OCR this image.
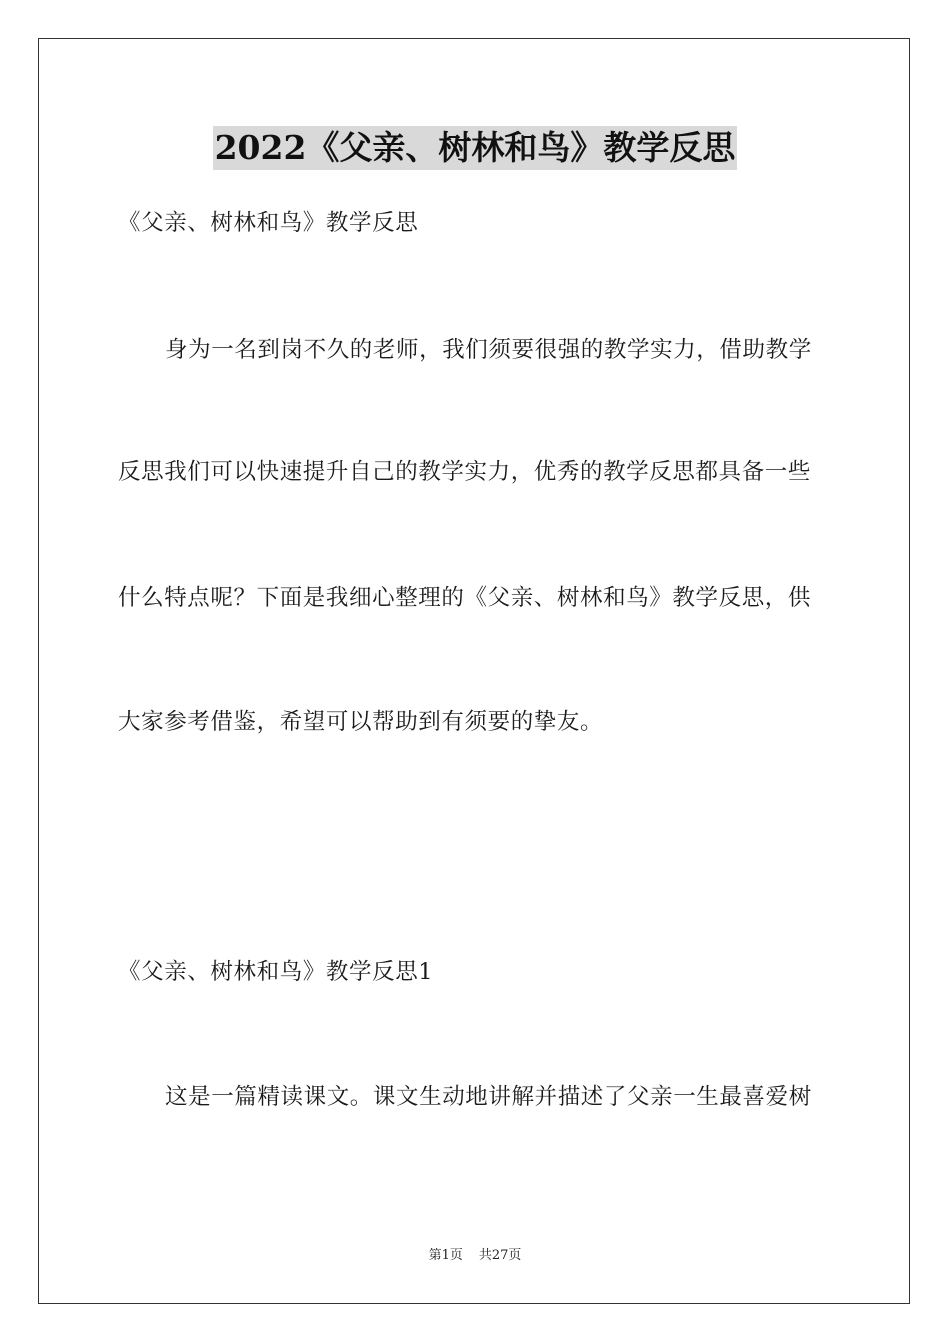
2022《父亲、树林和鸟》教学反思
《父亲、树林和鸟》教学反思
身为一名到岗不久的老师，我们须要很强的教学实力，借助教学
反思我们可以快速提升自己的教学实力，优秀的教学反思都具备一些
什么特点呢？下面是我细心整理的《父亲、树林和鸟》教学反思，供
大家参考借鉴，希望可以帮助到有须要的挚友。
《父亲、树林和鸟》教学反思1
这是一篇精读课文。课文生动地讲解并描述了父亲一生最喜爱树
第1页 共27页
